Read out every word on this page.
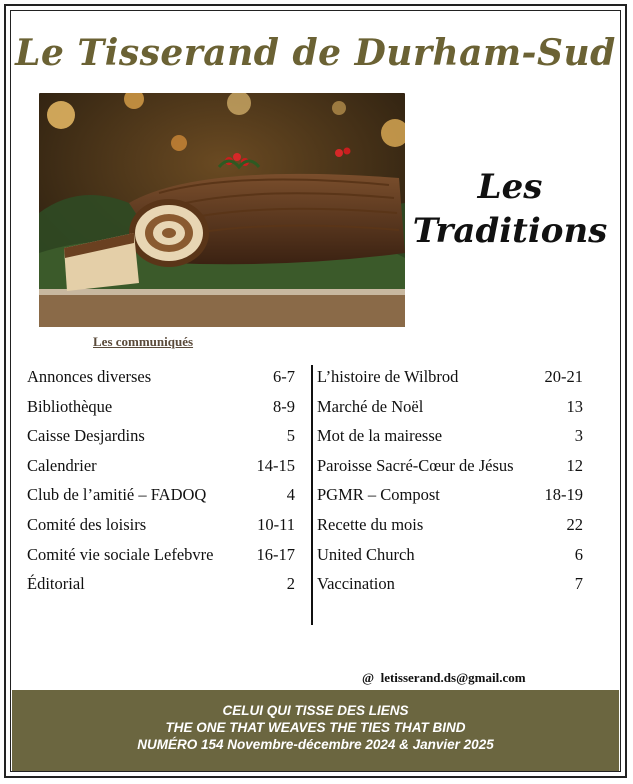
Le Tisserand de Durham-Sud
Les
Traditions
Les communiqués
Annonces diverses	6-7
Bibliothèque	8-9
Caisse Desjardins	5
Calendrier	14-15
Club de l’amitié – FADOQ	4
Comité des loisirs	10-11
Comité vie sociale Lefebvre	16-17
Éditorial	2
L’histoire de Wilbrod	20-21
Marché de Noël	13
Mot de la mairesse	3
Paroisse Sacré-Cœur de Jésus	12
PGMR – Compost	18-19
Recette du mois	22
United Church	6
Vaccination	7
@ letisserand.ds@gmail.com
CELUI QUI TISSE DES LIENS
THE ONE THAT WEAVES THE TIES THAT BIND
NUMÉRO 154 Novembre-décembre 2024 & Janvier 2025
